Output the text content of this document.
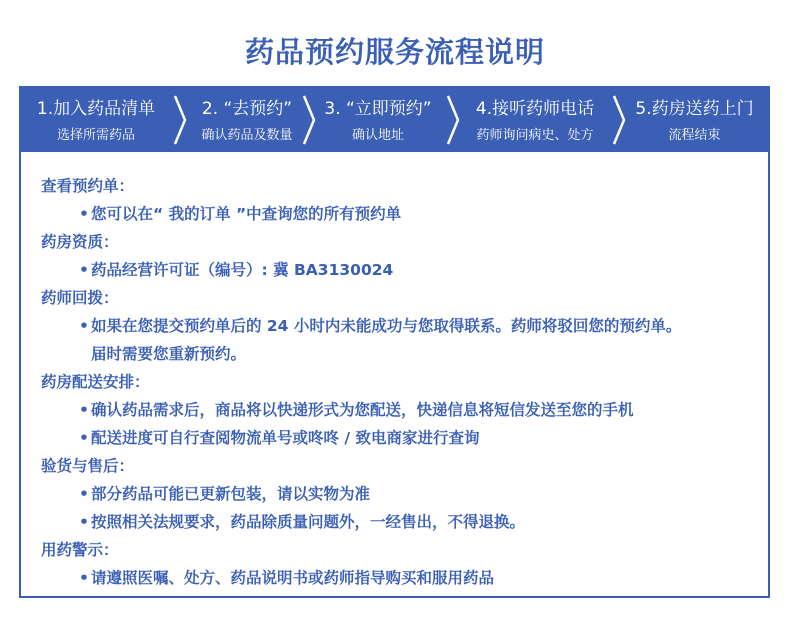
药品预约服务流程说明
1.加入药品清单
选择所需药品
2. “去预约”
确认药品及数量
3. “立即预约”
确认地址
4.接听药师电话
药师询问病史、处方
5.药房送药上门
流程结束
查看预约单：
• 您可以在“ 我的订单 ”中查询您的所有预约单
药房资质：
• 药品经营许可证（编号）: 冀 BA3130024
药师回拨：
• 如果在您提交预约单后的 24 小时内未能成功与您取得联系。药师将驳回您的预约单。
届时需要您重新预约。
药房配送安排：
• 确认药品需求后，商品将以快递形式为您配送，快递信息将短信发送至您的手机
• 配送进度可自行查阅物流单号或咚咚 / 致电商家进行查询
验货与售后：
• 部分药品可能已更新包装，请以实物为准
• 按照相关法规要求，药品除质量问题外，一经售出，不得退换。
用药警示：
• 请遵照医嘱、处方、药品说明书或药师指导购买和服用药品
